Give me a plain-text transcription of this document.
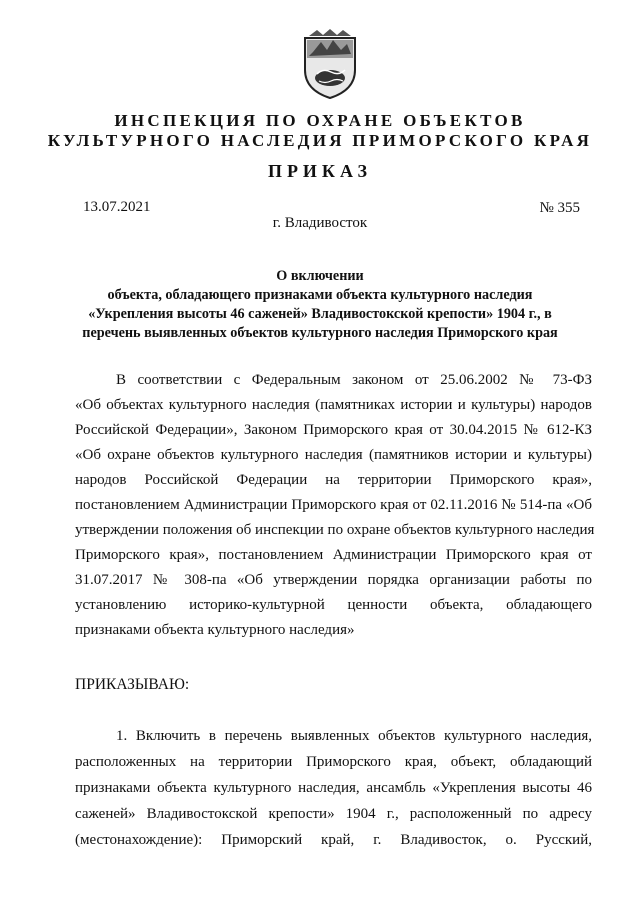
ИНСПЕКЦИЯ ПО ОХРАНЕ ОБЪЕКТОВ
КУЛЬТУРНОГО НАСЛЕДИЯ ПРИМОРСКОГО КРАЯ
ПРИКАЗ
13.07.2021	№ 355
г. Владивосток
О включении
объекта, обладающего признаками объекта культурного наследия
«Укрепления высоты 46 саженей» Владивостокской крепости» 1904 г., в
перечень выявленных объектов культурного наследия Приморского края
В соответствии с Федеральным законом от 25.06.2002 № 73-ФЗ
«Об объектах культурного наследия (памятниках истории и культуры) народов
Российской Федерации», Законом Приморского края от 30.04.2015 № 612-КЗ
«Об охране объектов культурного наследия (памятников истории и культуры)
народов Российской Федерации на территории Приморского края»,
постановлением Администрации Приморского края от 02.11.2016 № 514-па «Об
утверждении положения об инспекции по охране объектов культурного наследия
Приморского края», постановлением Администрации Приморского края от
31.07.2017 № 308-па «Об утверждении порядка организации работы по
установлению историко-культурной ценности объекта, обладающего
признаками объекта культурного наследия»
ПРИКАЗЫВАЮ:
1. Включить в перечень выявленных объектов культурного наследия,
расположенных на территории Приморского края, объект, обладающий
признаками объекта культурного наследия, ансамбль «Укрепления высоты 46
саженей» Владивостокской крепости» 1904 г., расположенный по адресу
(местонахождение): Приморский край, г. Владивосток, о. Русский,
